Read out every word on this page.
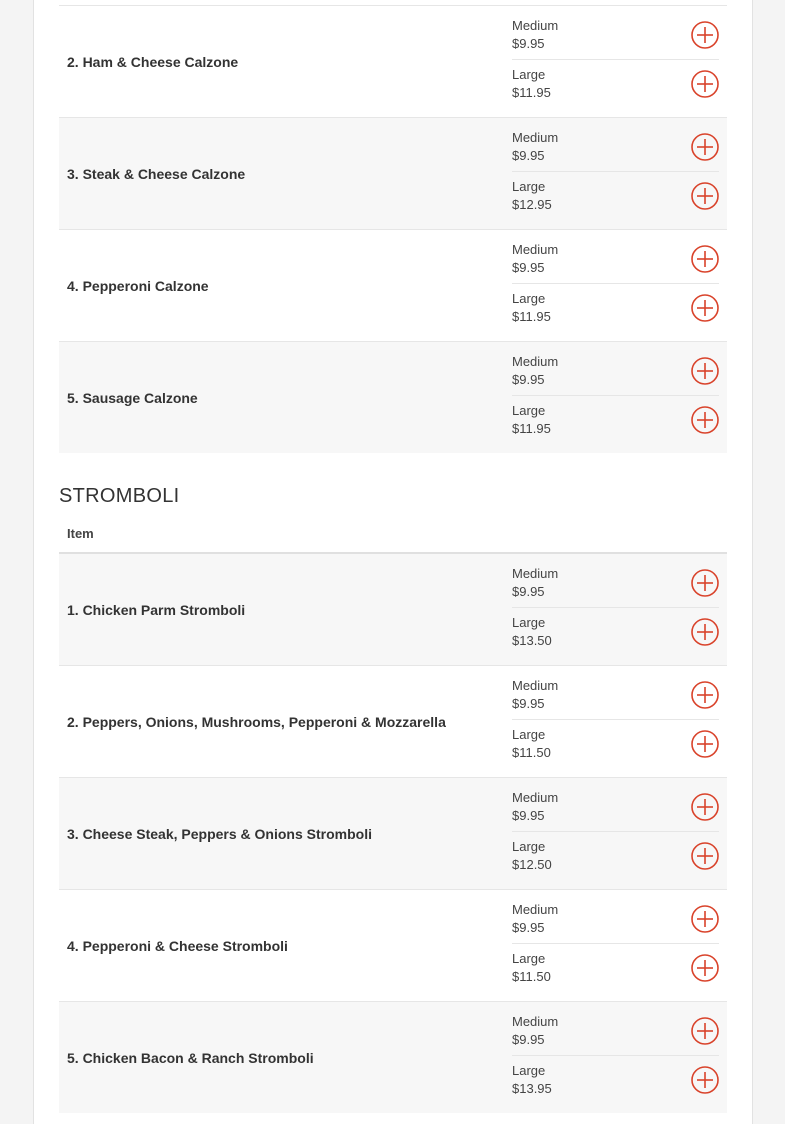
2. Ham & Cheese Calzone
Medium
$9.95
Large
$11.95
3. Steak & Cheese Calzone
Medium
$9.95
Large
$12.95
4. Pepperoni Calzone
Medium
$9.95
Large
$11.95
5. Sausage Calzone
Medium
$9.95
Large
$11.95
STROMBOLI
Item
1. Chicken Parm Stromboli
Medium
$9.95
Large
$13.50
2. Peppers, Onions, Mushrooms, Pepperoni & Mozzarella
Medium
$9.95
Large
$11.50
3. Cheese Steak, Peppers & Onions Stromboli
Medium
$9.95
Large
$12.50
4. Pepperoni & Cheese Stromboli
Medium
$9.95
Large
$11.50
5. Chicken Bacon & Ranch Stromboli
Medium
$9.95
Large
$13.95
